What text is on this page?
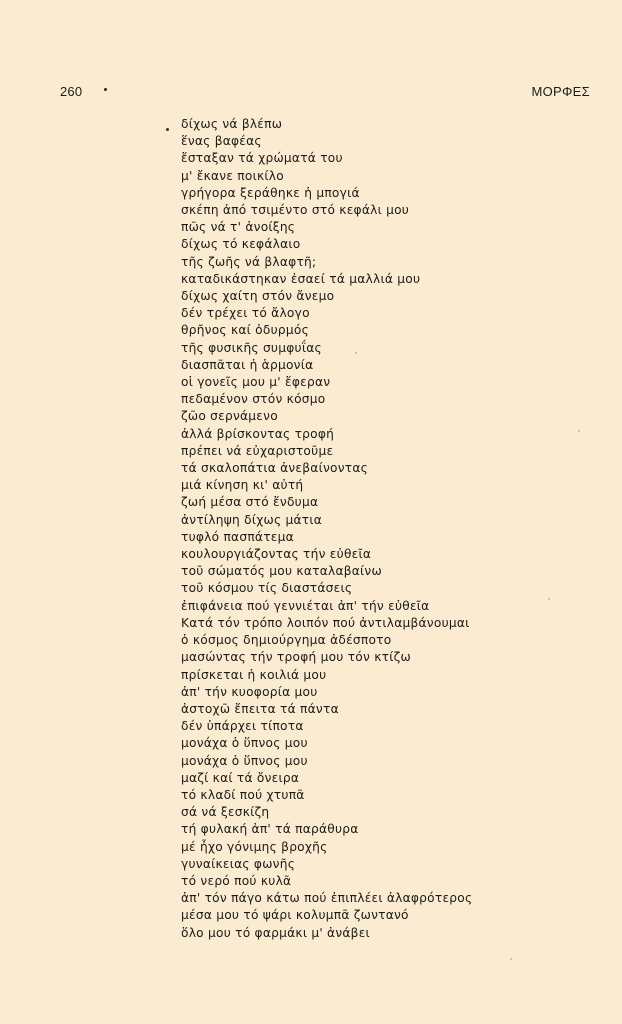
260	ΜΟΡΦΕΣ
δίχως νά βλέπω
ἕνας βαφέας
ἔσταξαν τά χρώματά του
μ' ἔκανε ποικίλο
γρήγορα ξεράθηκε ἡ μπογιά
σκέπη ἀπό τσιμέντο στό κεφάλι μου
πῶς νά τ' ἀνοίξης
δίχως τό κεφάλαιο
τῆς ζωῆς νά βλαφτῆ;
καταδικάστηκαν ἐσαεί τά μαλλιά μου
δίχως χαίτη στόν ἄνεμο
δέν τρέχει τό ἄλογο
θρῆνος καί ὀδυρμός
τῆς φυσικῆς συμφυΐας
διασπᾶται ἡ ἁρμονία
οἱ γονεῖς μου μ' ἔφεραν
πεδαμένον στόν κόσμο
ζῶο σερνάμενο
ἀλλά βρίσκοντας τροφή
πρέπει νά εὐχαριστοῦμε
τά σκαλοπάτια ἀνεβαίνοντας
μιά κίνηση κι' αὐτή
ζωή μέσα στό ἔνδυμα
ἀντίληψη δίχως μάτια
τυφλό πασπάτεμα
κουλουργιάζοντας τήν εὐθεῖα
τοῦ σώματός μου καταλαβαίνω
τοῦ κόσμου τίς διαστάσεις
ἐπιφάνεια πού γεννιέται ἀπ' τήν εὐθεῖα
Κατά τόν τρόπο λοιπόν πού ἀντιλαμβάνουμαι
ὁ κόσμος δημιούργημα ἀδέσποτο
μασώντας τήν τροφή μου τόν κτίζω
πρίσκεται ἡ κοιλιά μου
ἀπ' τήν κυοφορία μου
ἀστοχῶ ἔπειτα τά πάντα
δέν ὑπάρχει τίποτα
μονάχα ὁ ὕπνος μου
μονάχα ὁ ὕπνος μου
μαζί καί τά ὄνειρα
τό κλαδί πού χτυπᾶ
σά νά ξεσκίζη
τή φυλακή ἀπ' τά παράθυρα
μέ ἦχο γόνιμης βροχῆς
γυναίκειας φωνῆς
τό νερό πού κυλᾶ
ἀπ' τόν πάγο κάτω πού ἐπιπλέει ἀλαφρότερος
μέσα μου τό ψάρι κολυμπᾶ ζωντανό
ὅλο μου τό φαρμάκι μ' ἀνάβει
